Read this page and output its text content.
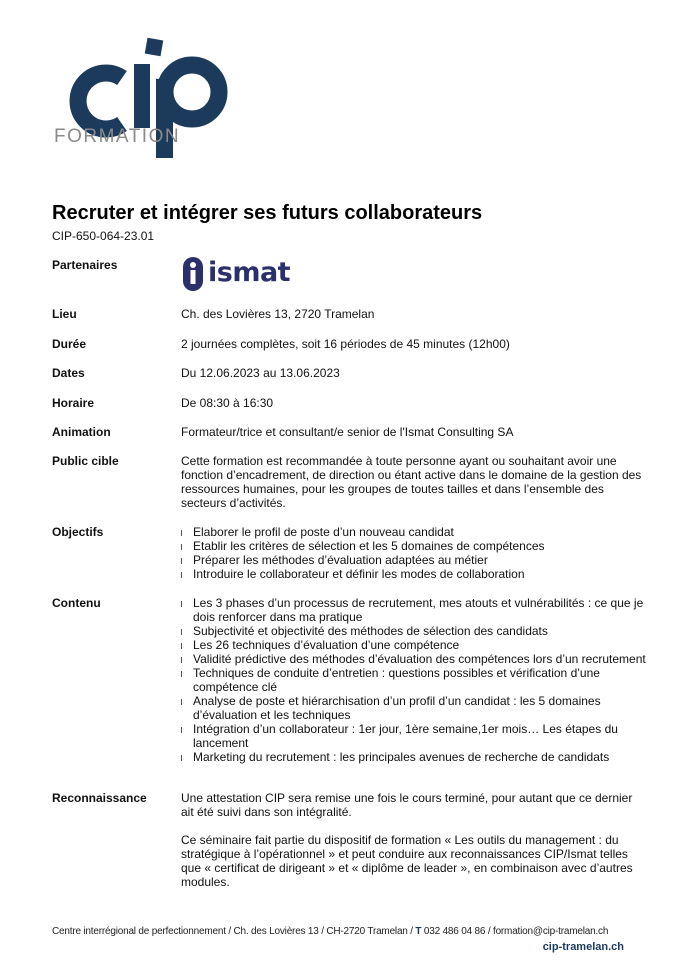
FORMATION
Recruter et intégrer ses futurs collaborateurs
CIP-650-064-23.01
Partenaires	ismat
Lieu	Ch. des Lovières 13, 2720 Tramelan
Durée	2 journées complètes, soit 16 périodes de 45 minutes (12h00)
Dates	Du 12.06.2023 au 13.06.2023
Horaire	De 08:30 à 16:30
Animation	Formateur/trice et consultant/e senior de l'Ismat Consulting SA
Public cible	Cette formation est recommandée à toute personne ayant ou souhaitant avoir une fonction d’encadrement, de direction ou étant active dans le domaine de la gestion des ressources humaines, pour les groupes de toutes tailles et dans l’ensemble des secteurs d’activités.
Objectifs	Elaborer le profil de poste d’un nouveau candidat
Etablir les critères de sélection et les 5 domaines de compétences
Préparer les méthodes d’évaluation adaptées au métier
Introduire le collaborateur et définir les modes de collaboration
Contenu	Les 3 phases d’un processus de recrutement, mes atouts et vulnérabilités : ce que je dois renforcer dans ma pratique
Subjectivité et objectivité des méthodes de sélection des candidats
Les 26 techniques d’évaluation d’une compétence
Validité prédictive des méthodes d’évaluation des compétences lors d’un recrutement
Techniques de conduite d’entretien : questions possibles et vérification d’une compétence clé
Analyse de poste et hiérarchisation d’un profil d’un candidat : les 5 domaines d’évaluation et les techniques
Intégration d’un collaborateur : 1er jour, 1ère semaine,1er mois… Les étapes du lancement
Marketing du recrutement : les principales avenues de recherche de candidats
Reconnaissance	Une attestation CIP sera remise une fois le cours terminé, pour autant que ce dernier ait été suivi dans son intégralité.
Ce séminaire fait partie du dispositif de formation « Les outils du management : du stratégique à l’opérationnel » et peut conduire aux reconnaissances CIP/Ismat telles que « certificat de dirigeant » et « diplôme de leader », en combinaison avec d’autres modules.
Centre interrégional de perfectionnement / Ch. des Lovières 13 / CH-2720 Tramelan / T 032 486 04 86 / formation@cip-tramelan.ch
cip-tramelan.ch
